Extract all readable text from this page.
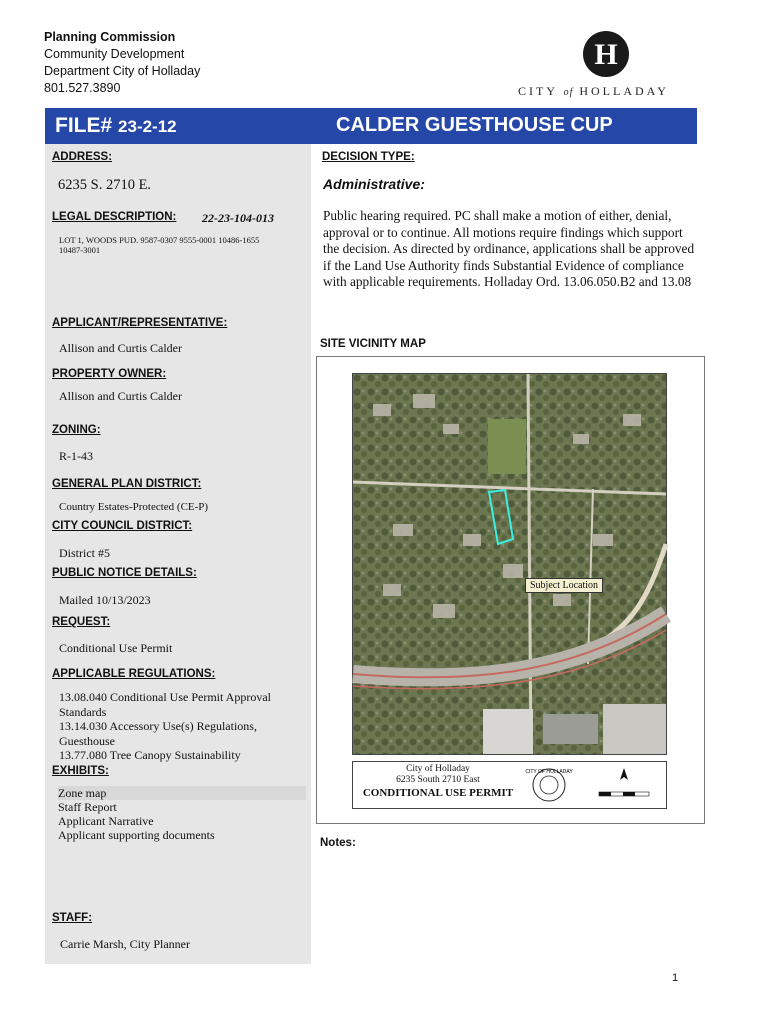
Planning Commission
Community Development
Department City of Holladay
801.527.3890
H
CITY of HOLLADAY
FILE# 23-2-12	CALDER GUESTHOUSE CUP
ADDRESS:
6235 S. 2710 E.
LEGAL DESCRIPTION: 22-23-104-013
LOT 1, WOODS PUD. 9587-0307 9555-0001 10486-1655
10487-3001
APPLICANT/REPRESENTATIVE:
Allison and Curtis Calder
PROPERTY OWNER:
Allison and Curtis Calder
ZONING:
R-1-43
GENERAL PLAN DISTRICT:
Country Estates-Protected (CE-P)
CITY COUNCIL DISTRICT:
District #5
PUBLIC NOTICE DETAILS:
Mailed 10/13/2023
REQUEST:
Conditional Use Permit
APPLICABLE REGULATIONS:
13.08.040 Conditional Use Permit Approval Standards
13.14.030 Accessory Use(s) Regulations, Guesthouse
13.77.080 Tree Canopy Sustainability
EXHIBITS:
Zone map
Staff Report
Applicant Narrative
Applicant supporting documents
STAFF:
Carrie Marsh, City Planner
DECISION TYPE:
Administrative:
Public hearing required. PC shall make a motion of either, denial, approval or to continue. All motions require findings which support the decision. As directed by ordinance, applications shall be approved if the Land Use Authority finds Substantial Evidence of compliance with applicable requirements. Holladay Ord. 13.06.050.B2 and 13.08
SITE VICINITY MAP
Subject Location
City of Holladay
6235 South 2710 East
CONDITIONAL USE PERMIT
CITY OF HOLLADAY
Notes:
1
